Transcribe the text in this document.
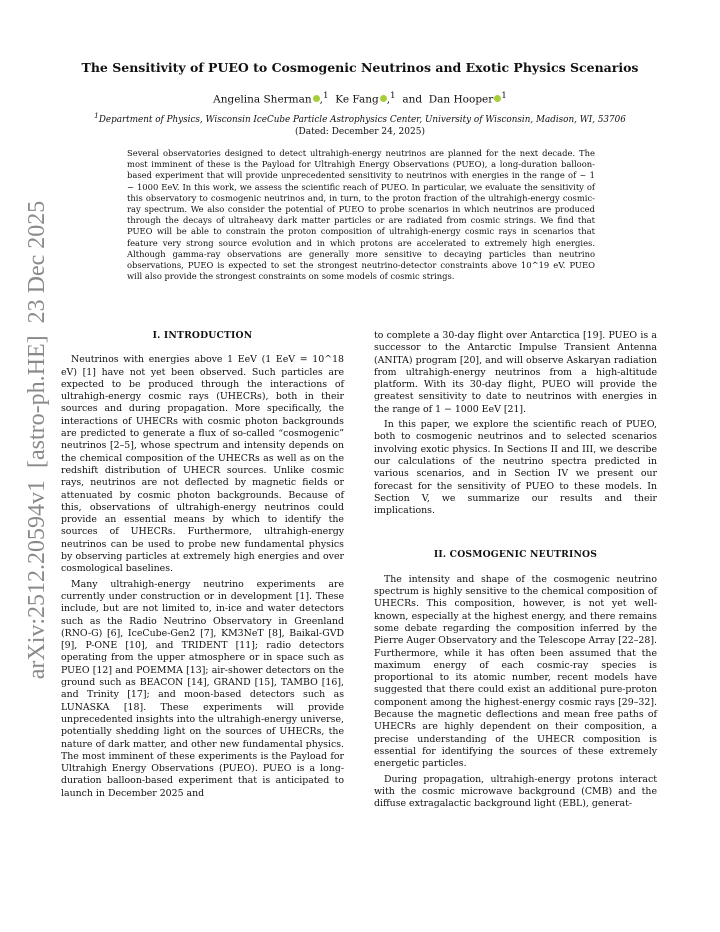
arXiv:2512.20594v1  [astro-ph.HE]  23 Dec 2025
The Sensitivity of PUEO to Cosmogenic Neutrinos and Exotic Physics Scenarios
Angelina Sherman ,$^1$ Ke Fang ,$^1$ and Dan Hooper $^1$
$^1$Department of Physics, Wisconsin IceCube Particle Astrophysics Center, University of Wisconsin, Madison, WI, 53706
(Dated: December 24, 2025)
Several observatories designed to detect ultrahigh-energy neutrinos are planned for the next decade. The most imminent of these is the Payload for Ultrahigh Energy Observations (PUEO), a long-duration balloon-based experiment that will provide unprecedented sensitivity to neutrinos with energies in the range of ~ 1 − 1000 EeV. In this work, we assess the scientific reach of PUEO. In particular, we evaluate the sensitivity of this observatory to cosmogenic neutrinos and, in turn, to the proton fraction of the ultrahigh-energy cosmic-ray spectrum. We also consider the potential of PUEO to probe scenarios in which neutrinos are produced through the decays of ultraheavy dark matter particles or are radiated from cosmic strings. We find that PUEO will be able to constrain the proton composition of ultrahigh-energy cosmic rays in scenarios that feature very strong source evolution and in which protons are accelerated to extremely high energies. Although gamma-ray observations are generally more sensitive to decaying particles than neutrino observations, PUEO is expected to set the strongest neutrino-detector constraints above 10^19 eV. PUEO will also provide the strongest constraints on some models of cosmic strings.
I. INTRODUCTION

Neutrinos with energies above 1 EeV (1 EeV = 10^18 eV) [1] have not yet been observed. Such particles are expected to be produced through the interactions of ultrahigh-energy cosmic rays (UHECRs), both in their sources and during propagation. More specifically, the interactions of UHECRs with cosmic photon backgrounds are predicted to generate a flux of so-called “cosmogenic” neutrinos [2–5], whose spectrum and intensity depends on the chemical composition of the UHECRs as well as on the redshift distribution of UHECR sources. Unlike cosmic rays, neutrinos are not deflected by magnetic fields or attenuated by cosmic photon backgrounds. Because of this, observations of ultrahigh-energy neutrinos could provide an essential means by which to identify the sources of UHECRs. Furthermore, ultrahigh-energy neutrinos can be used to probe new fundamental physics by observing particles at extremely high energies and over cosmological baselines.

Many ultrahigh-energy neutrino experiments are currently under construction or in development [1]. These include, but are not limited to, in-ice and water detectors such as the Radio Neutrino Observatory in Greenland (RNO-G) [6], IceCube-Gen2 [7], KM3NeT [8], Baikal-GVD [9], P-ONE [10], and TRIDENT [11]; radio detectors operating from the upper atmosphere or in space such as PUEO [12] and POEMMA [13]; air-shower detectors on the ground such as BEACON [14], GRAND [15], TAMBO [16], and Trinity [17]; and moon-based detectors such as LUNASKA [18]. These experiments will provide unprecedented insights into the ultrahigh-energy universe, potentially shedding light on the sources of UHECRs, the nature of dark matter, and other new fundamental physics. The most imminent of these experiments is the Payload for Ultrahigh Energy Observations (PUEO). PUEO is a long-duration balloon-based experiment that is anticipated to launch in December 2025 and

to complete a 30-day flight over Antarctica [19]. PUEO is a successor to the Antarctic Impulse Transient Antenna (ANITA) program [20], and will observe Askaryan radiation from ultrahigh-energy neutrinos from a high-altitude platform. With its 30-day flight, PUEO will provide the greatest sensitivity to date to neutrinos with energies in the range of 1 − 1000 EeV [21].

In this paper, we explore the scientific reach of PUEO, both to cosmogenic neutrinos and to selected scenarios involving exotic physics. In Sections II and III, we describe our calculations of the neutrino spectra predicted in various scenarios, and in Section IV we present our forecast for the sensitivity of PUEO to these models. In Section V, we summarize our results and their implications.

II. COSMOGENIC NEUTRINOS

The intensity and shape of the cosmogenic neutrino spectrum is highly sensitive to the chemical composition of UHECRs. This composition, however, is not yet well-known, especially at the highest energy, and there remains some debate regarding the composition inferred by the Pierre Auger Observatory and the Telescope Array [22–28]. Furthermore, while it has often been assumed that the maximum energy of each cosmic-ray species is proportional to its atomic number, recent models have suggested that there could exist an additional pure-proton component among the highest-energy cosmic rays [29–32]. Because the magnetic deflections and mean free paths of UHECRs are highly dependent on their composition, a precise understanding of the UHECR composition is essential for identifying the sources of these extremely energetic particles.

During propagation, ultrahigh-energy protons interact with the cosmic microwave background (CMB) and the diffuse extragalactic background light (EBL), generat-
